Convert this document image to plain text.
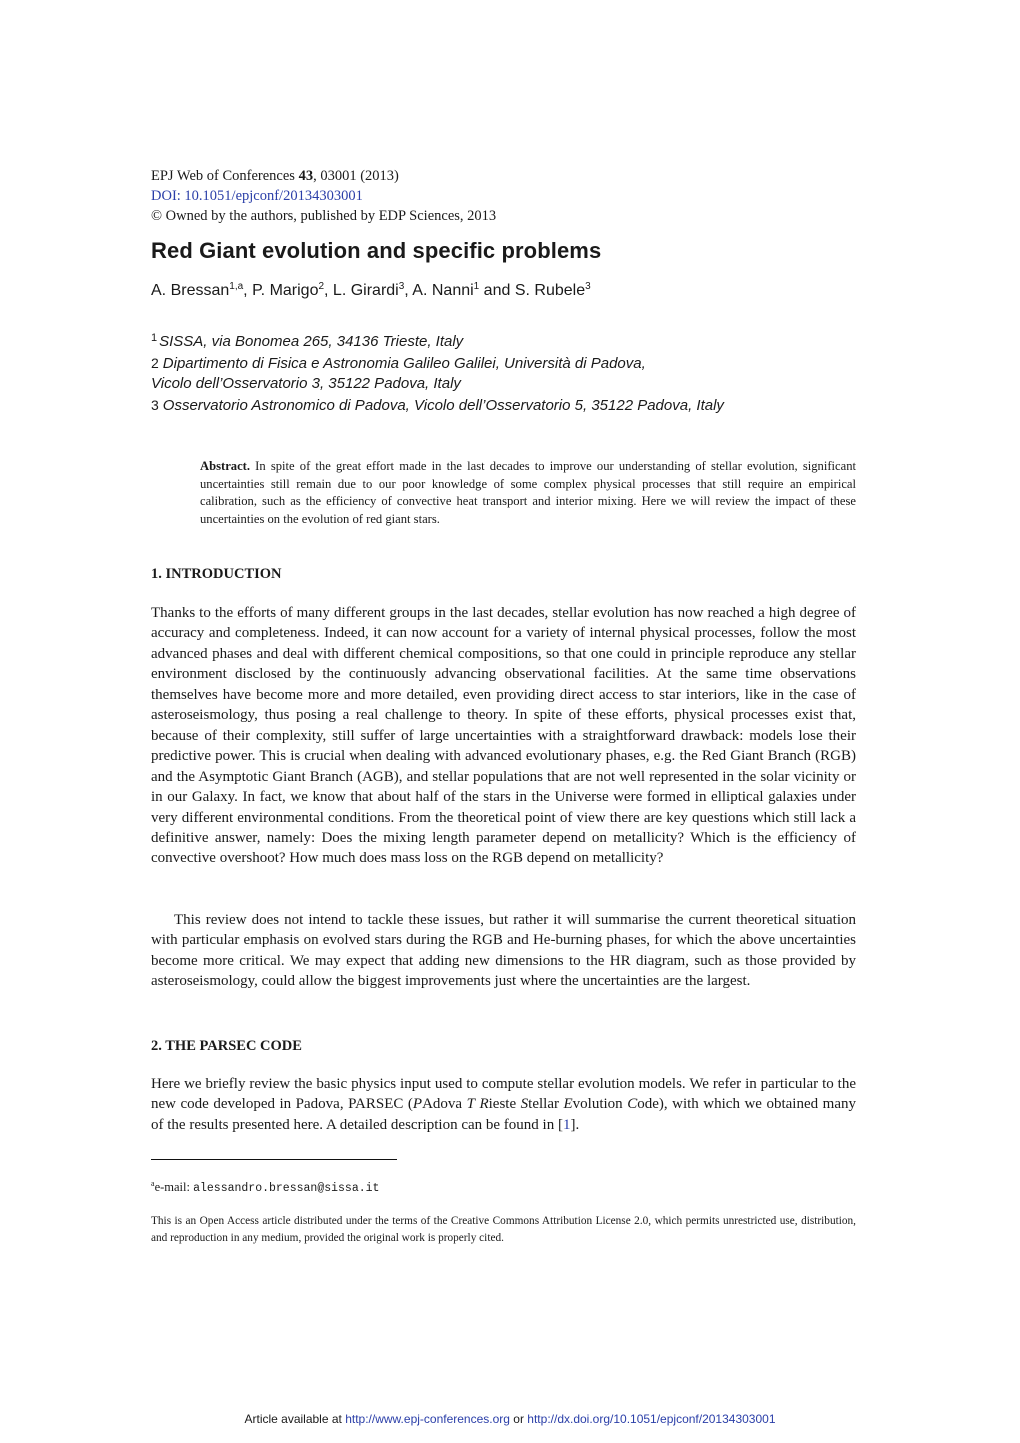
EPJ Web of Conferences 43, 03001 (2013)
DOI: 10.1051/epjconf/20134303001
© Owned by the authors, published by EDP Sciences, 2013
Red Giant evolution and specific problems
A. Bressan$^{1,a}$, P. Marigo$^2$, L. Girardi$^3$, A. Nanni$^1$ and S. Rubele$^3$
$^1$ SISSA, via Bonomea 265, 34136 Trieste, Italy
2 Dipartimento di Fisica e Astronomia Galileo Galilei, Università di Padova,
Vicolo dell’Osservatorio 3, 35122 Padova, Italy
3 Osservatorio Astronomico di Padova, Vicolo dell’Osservatorio 5, 35122 Padova, Italy
Abstract. In spite of the great effort made in the last decades to improve our understanding of stellar evolution, significant uncertainties still remain due to our poor knowledge of some complex physical processes that still require an empirical calibration, such as the efficiency of convective heat transport and interior mixing. Here we will review the impact of these uncertainties on the evolution of red giant stars.
1. INTRODUCTION
Thanks to the efforts of many different groups in the last decades, stellar evolution has now reached a high degree of accuracy and completeness. Indeed, it can now account for a variety of internal physical processes, follow the most advanced phases and deal with different chemical compositions, so that one could in principle reproduce any stellar environment disclosed by the continuously advancing observational facilities. At the same time observations themselves have become more and more detailed, even providing direct access to star interiors, like in the case of asteroseismology, thus posing a real challenge to theory. In spite of these efforts, physical processes exist that, because of their complexity, still suffer of large uncertainties with a straightforward drawback: models lose their predictive power. This is crucial when dealing with advanced evolutionary phases, e.g. the Red Giant Branch (RGB) and the Asymptotic Giant Branch (AGB), and stellar populations that are not well represented in the solar vicinity or in our Galaxy. In fact, we know that about half of the stars in the Universe were formed in elliptical galaxies under very different environmental conditions. From the theoretical point of view there are key questions which still lack a definitive answer, namely: Does the mixing length parameter depend on metallicity? Which is the efficiency of convective overshoot? How much does mass loss on the RGB depend on metallicity?
This review does not intend to tackle these issues, but rather it will summarise the current theoretical situation with particular emphasis on evolved stars during the RGB and He-burning phases, for which the above uncertainties become more critical. We may expect that adding new dimensions to the HR diagram, such as those provided by asteroseismology, could allow the biggest improvements just where the uncertainties are the largest.
2. THE PARSEC CODE
Here we briefly review the basic physics input used to compute stellar evolution models. We refer in particular to the new code developed in Padova, PARSEC (PAdova T Rieste Stellar Evolution Code), with which we obtained many of the results presented here. A detailed description can be found in [1].
$^a$e-mail: alessandro.bressan@sissa.it
This is an Open Access article distributed under the terms of the Creative Commons Attribution License 2.0, which permits unrestricted use, distribution, and reproduction in any medium, provided the original work is properly cited.
Article available at http://www.epj-conferences.org or http://dx.doi.org/10.1051/epjconf/20134303001
